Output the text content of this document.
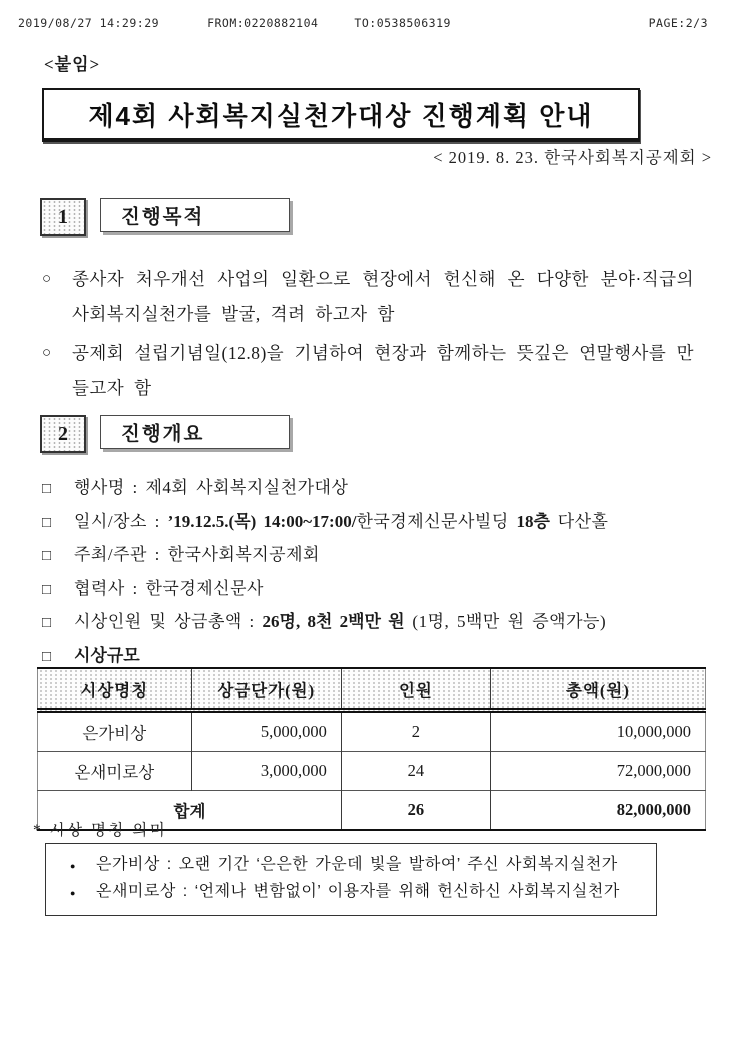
2019/08/27 14:29:29	FROM:0220882104	TO:0538506319	PAGE:2/3
<붙임>
제4회 사회복지실천가대상 진행계획 안내
< 2019. 8. 23. 한국사회복지공제회 >
1	진행목적
○	종사자 처우개선 사업의 일환으로 현장에서 헌신해 온 다양한 분야·직급의 사회복지실천가를 발굴, 격려 하고자 함
○	공제회 설립기념일(12.8)을 기념하여 현장과 함께하는 뜻깊은 연말행사를 만들고자 함
2	진행개요
□	행사명 : 제4회 사회복지실천가대상
□	일시/장소 : ’19.12.5.(목) 14:00~17:00/한국경제신문사빌딩 18층 다산홀
□	주최/주관 : 한국사회복지공제회
□	협력사 : 한국경제신문사
□	시상인원 및 상금총액 : 26명, 8천 2백만 원 (1명, 5백만 원 증액가능)
□	시상규모
시상명칭	상금단가(원)	인원	총액(원)
은가비상	5,000,000	2	10,000,000
온새미로상	3,000,000	24	72,000,000
합계		26	82,000,000
* 시상 명칭 의미
●	은가비상 : 오랜 기간 ‘은은한 가운데 빛을 발하여’ 주신 사회복지실천가
●	온새미로상 : ‘언제나 변함없이’ 이용자를 위해 헌신하신 사회복지실천가
